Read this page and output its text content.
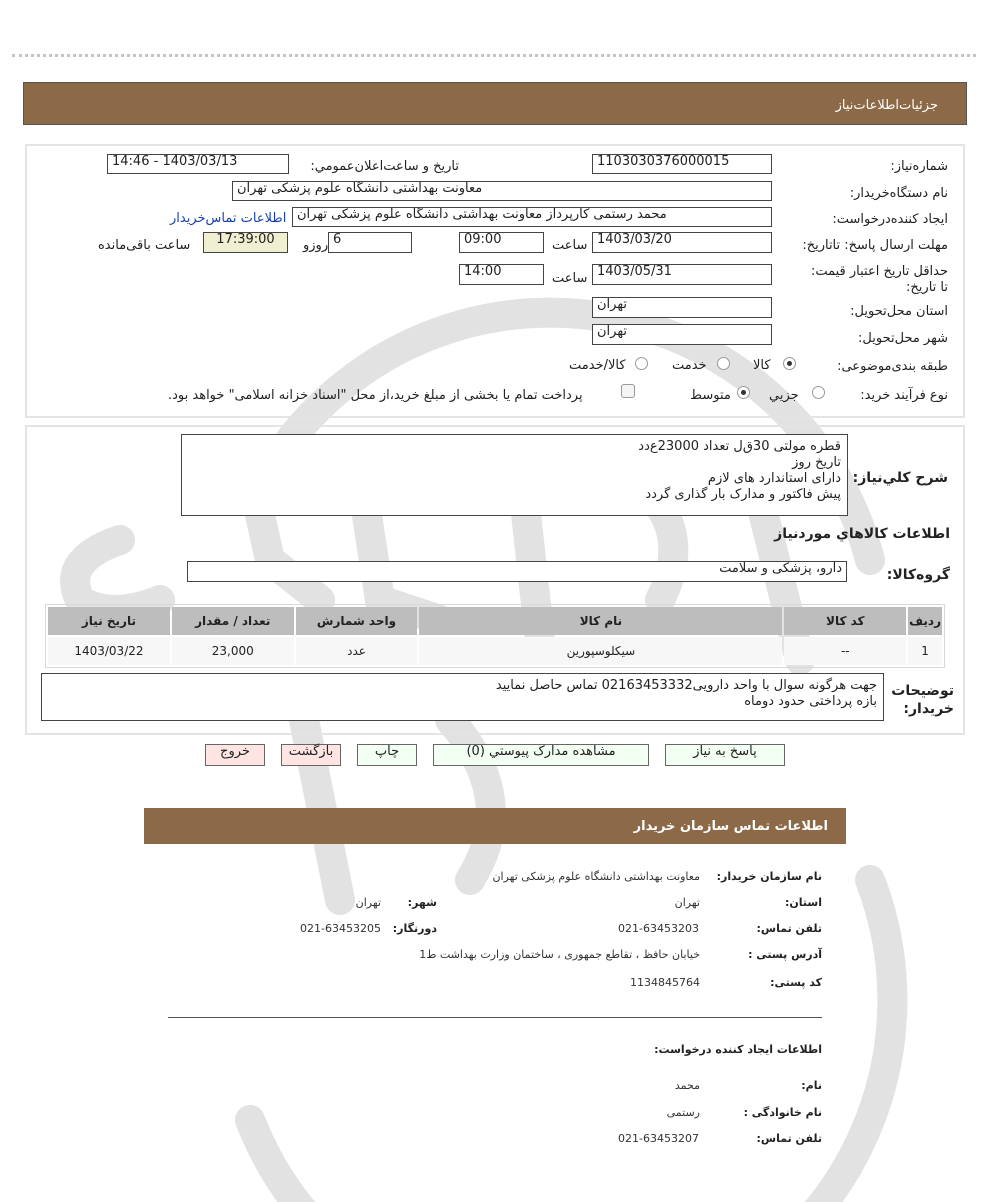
جزئیات‌اطلاعات‌نیاز
شماره‌نیاز:
1103030376000015
تاریخ و ساعت‌اعلان‌عمومي:
1403/03/13 - 14:46
نام دستگاه‌خريدار:
معاونت بهداشتی دانشگاه علوم پزشکی تهران
ایجاد کننده‌درخواست:
محمد رستمی کارپرداز معاونت بهداشتی دانشگاه علوم پزشکی تهران
اطلاعات تماس‌خريدار
مهلت ارسال پاسخ: تاتاريخ:
1403/03/20
ساعت
09:00
6
روزو
17:39:00
ساعت باقی‌مانده
حداقل تاريخ اعتبار قيمت: تا تاريخ:
1403/05/31
ساعت
14:00
استان محل‌تحويل:
تهران
شهر محل‌تحويل:
تهران
طبقه بندی‌موضوعی:
کالا
خدمت
کالا/خدمت
نوع فرآيند خريد:
جزيي
متوسط
پرداخت تمام يا بخشی از مبلغ خريد،از محل "اسناد خزانه اسلامی" خواهد بود.
شرح کلي‌نياز:
قطره مولتی 30ق‌ل تعداد 23000ع‌دد
تاريخ روز
دارای استاندارد های لازم
پيش فاکتور و مدارک بار گذاری گردد
اطلاعات کالاهاي مورد‌نياز
گروه‌کالا:
دارو، پزشکی و سلامت
رديف	کد کالا	نام کالا	واحد شمارش	تعداد / مقدار	تاريخ نياز
1	--	سيکلوسپورين	عدد	23,000	1403/03/22
توضيحات
خريدار:
جهت هرگونه سوال با واحد دارويی02163453332 تماس حاصل نماييد
بازه پرداختی حدود دوماه
پاسخ به نیاز
مشاهده مدارک پیوستي (0)
چاپ
بازگشت
خروج
اطلاعات تماس سازمان خریدار
نام سازمان خریدار:
معاونت بهداشتی دانشگاه علوم پزشکی تهران
استان:
تهران
شهر:
تهران
تلفن تماس:
021-63453203
دورنگار:
021-63453205
آدرس پستی :
خیابان حافظ ، تقاطع جمهوری ، ساختمان وزارت بهداشت ط1
کد پستی:
1134845764
اطلاعات ایجاد کننده درخواست:
نام:
محمد
نام خانوادگی :
رستمی
تلفن تماس:
021-63453207
